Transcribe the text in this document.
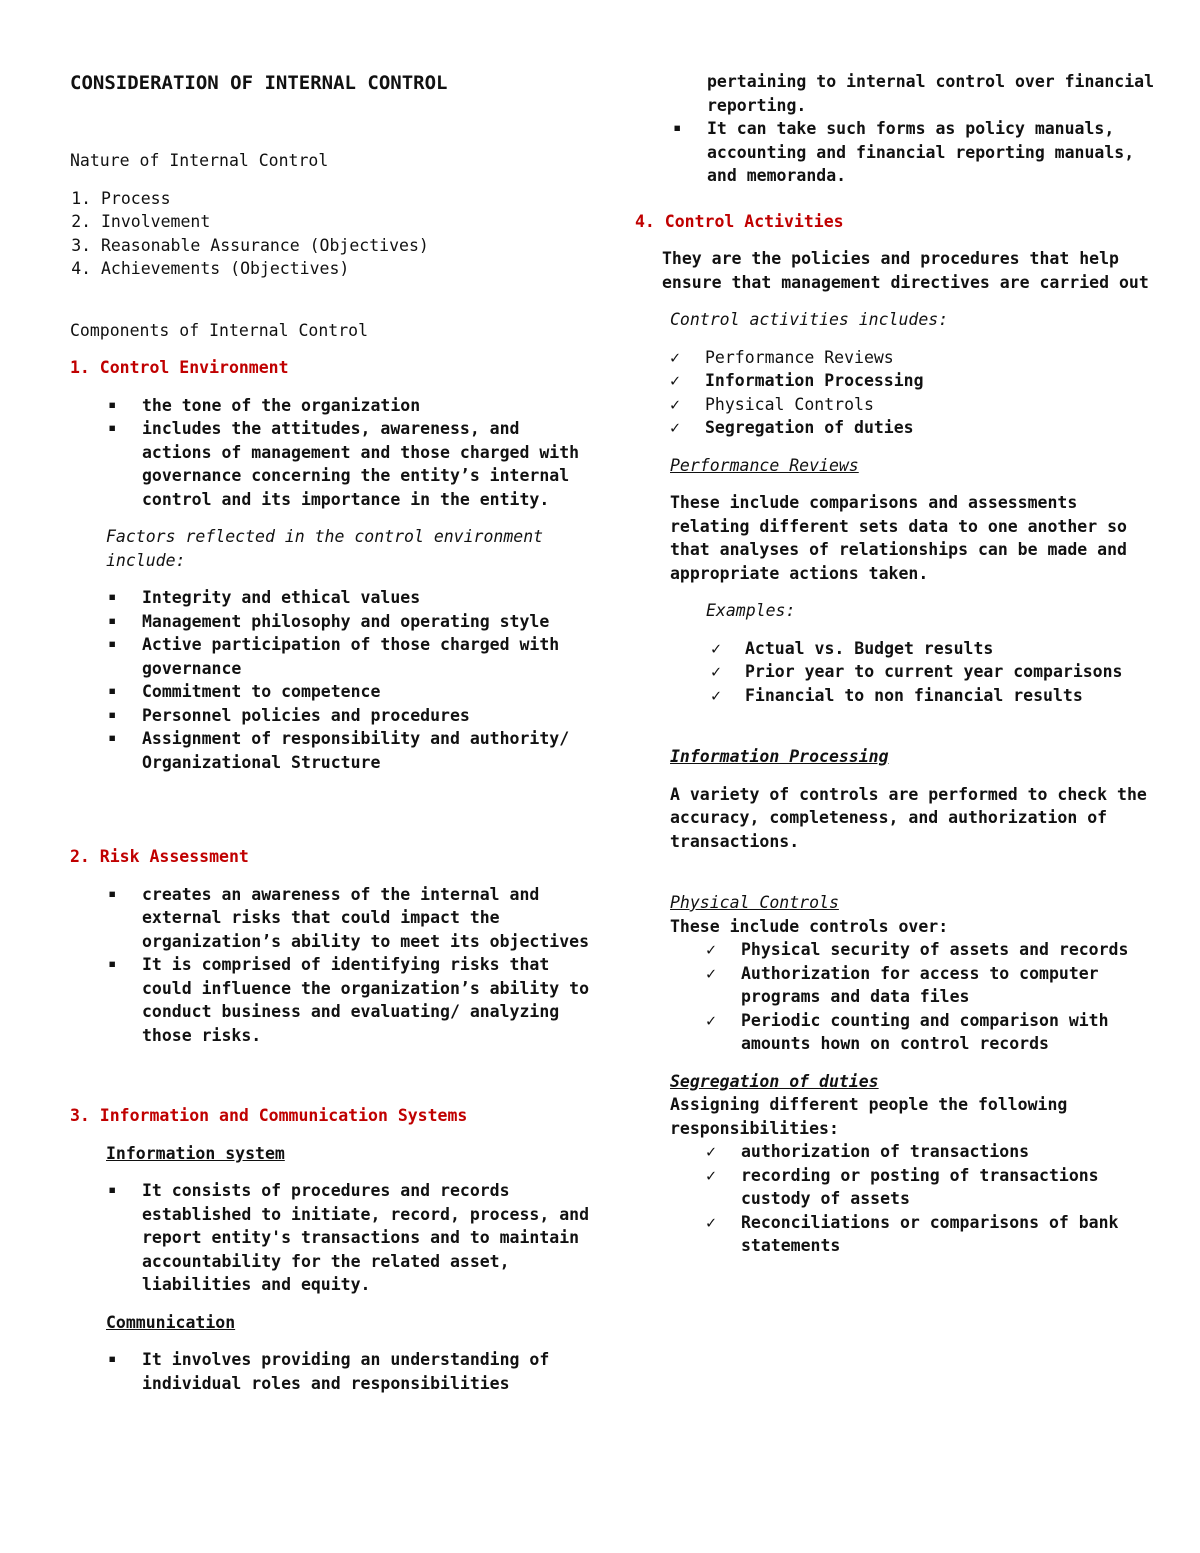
CONSIDERATION OF INTERNAL CONTROL
Nature of Internal Control
1. Process
2. Involvement
3. Reasonable Assurance (Objectives)
4. Achievements (Objectives)
Components of Internal Control
1. Control Environment
▪ the tone of the organization
▪ includes the attitudes, awareness, and actions of management and those charged with governance concerning the entity’s internal control and its importance in the entity.
Factors reflected in the control environment include:
▪ Integrity and ethical values
▪ Management philosophy and operating style
▪ Active participation of those charged with governance
▪ Commitment to competence
▪ Personnel policies and procedures
▪ Assignment of responsibility and authority/ Organizational Structure
2. Risk Assessment
▪ creates an awareness of the internal and external risks that could impact the organization’s ability to meet its objectives
▪ It is comprised of identifying risks that could influence the organization’s ability to conduct business and evaluating/ analyzing those risks.
3. Information and Communication Systems
Information system
▪ It consists of procedures and records established to initiate, record, process, and report entity's transactions and to maintain accountability for the related asset, liabilities and equity.
Communication
▪ It involves providing an understanding of individual roles and responsibilities
pertaining to internal control over financial reporting.
▪ It can take such forms as policy manuals, accounting and financial reporting manuals, and memoranda.
4. Control Activities
They are the policies and procedures that help ensure that management directives are carried out
Control activities includes:
✓ Performance Reviews
✓ Information Processing
✓ Physical Controls
✓ Segregation of duties
Performance Reviews
These include comparisons and assessments relating different sets data to one another so that analyses of relationships can be made and appropriate actions taken.
Examples:
✓ Actual vs. Budget results
✓ Prior year to current year comparisons
✓ Financial to non financial results
Information Processing
A variety of controls are performed to check the accuracy, completeness, and authorization of transactions.
Physical Controls
These include controls over:
✓ Physical security of assets and records
✓ Authorization for access to computer programs and data files
✓ Periodic counting and comparison with amounts hown on control records
Segregation of duties
Assigning different people the following responsibilities:
✓ authorization of transactions
✓ recording or posting of transactions custody of assets
✓ Reconciliations or comparisons of bank statements
